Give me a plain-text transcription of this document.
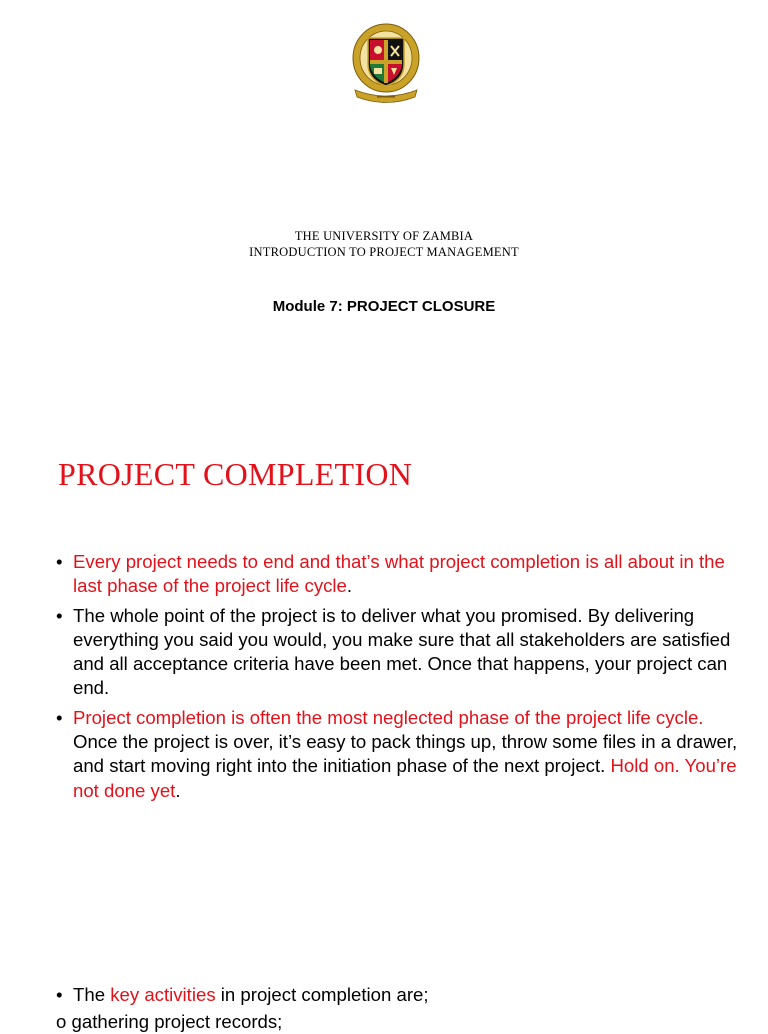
THE UNIVERSITY OF ZAMBIA
INTRODUCTION TO PROJECT MANAGEMENT
Module 7: PROJECT CLOSURE
PROJECT COMPLETION
• Every project needs to end and that’s what project completion is all about in the last phase of the project life cycle.
• The whole point of the project is to deliver what you promised. By delivering everything you said you would, you make sure that all stakeholders are satisfied and all acceptance criteria have been met. Once that happens, your project can end.
• Project completion is often the most neglected phase of the project life cycle. Once the project is over, it’s easy to pack things up, throw some files in a drawer, and start moving right into the initiation phase of the next project. Hold on. You’re not done yet.
• The key activities in project completion are;
o gathering project records;
